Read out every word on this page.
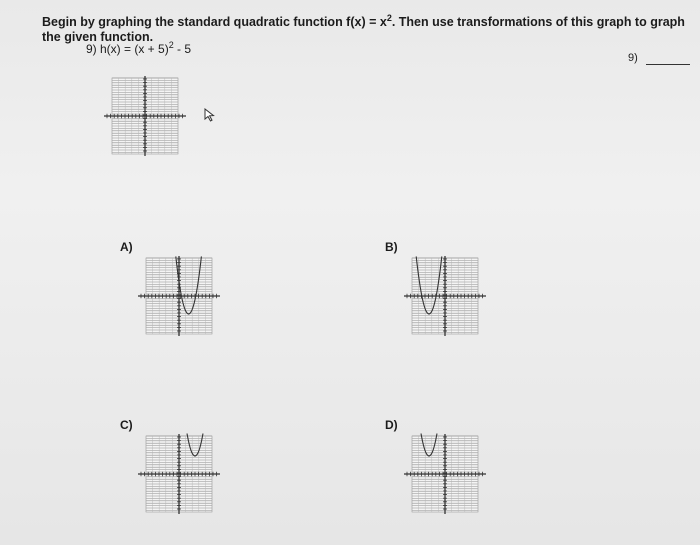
Begin by graphing the standard quadratic function $f(x) = x^2$. Then use transformations of this graph to graph the given function.
9) $h(x) = (x + 5)^2 - 5$
9)
A)	B)
C)	D)
